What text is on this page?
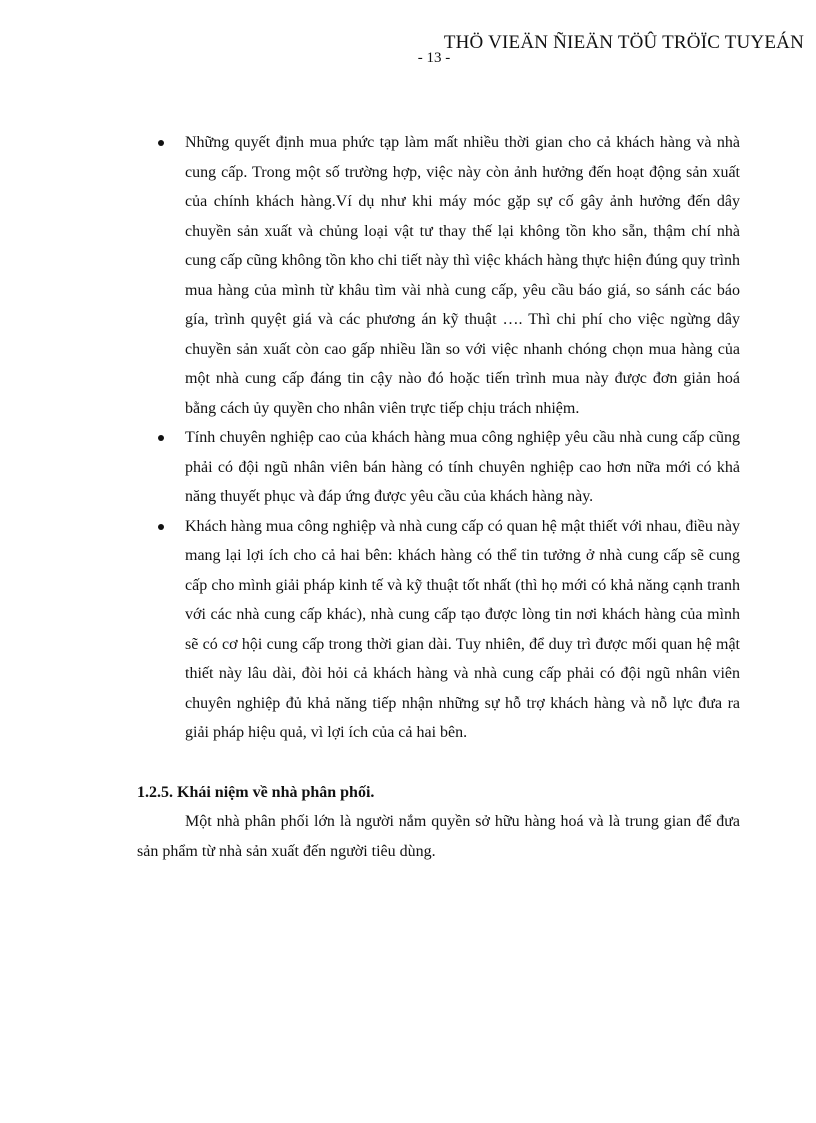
THÖ VIEÄN ÑIEÄN TÖÛ TRÖÏC TUYEÁN
- 13 -
Những quyết định mua phức tạp làm mất nhiều thời gian cho cả khách hàng và nhà cung cấp. Trong một số trường hợp, việc này còn ảnh hưởng đến hoạt động sản xuất của chính khách hàng.Ví dụ như khi máy móc gặp sự cố gây ảnh hưởng đến dây chuyền sản xuất và chủng loại vật tư thay thế lại không tồn kho sẵn, thậm chí nhà cung cấp cũng không tồn kho chi tiết này thì việc khách hàng thực hiện đúng quy trình mua hàng của mình từ khâu tìm vài nhà cung cấp, yêu cầu báo giá, so sánh các báo gía, trình quyệt giá và các phương án kỹ thuật …. Thì chi phí cho việc ngừng dây chuyền sản xuất còn cao gấp nhiều lần so với việc nhanh chóng chọn mua hàng của một nhà cung cấp đáng tin cậy nào đó hoặc tiến trình mua này được đơn giản hoá bằng cách ủy quyền cho nhân viên trực tiếp chịu trách nhiệm.
Tính chuyên nghiệp cao của khách hàng mua công nghiệp yêu cầu nhà cung cấp cũng phải có đội ngũ nhân viên bán hàng có tính chuyên nghiệp cao hơn nữa mới có khả năng thuyết phục và đáp ứng được yêu cầu của khách hàng này.
Khách hàng mua công nghiệp và nhà cung cấp có quan hệ mật thiết với nhau, điều này mang lại lợi ích cho cả hai bên: khách hàng có thể tin tưởng ở nhà cung cấp sẽ cung cấp cho mình giải pháp kinh tế và kỹ thuật tốt nhất (thì họ mới có khả năng cạnh tranh với các nhà cung cấp khác), nhà cung cấp tạo được lòng tin nơi khách hàng của mình sẽ có cơ hội cung cấp trong thời gian dài. Tuy nhiên, để duy trì được mối quan hệ mật thiết này lâu dài, đòi hỏi cả khách hàng và nhà cung cấp phải có đội ngũ nhân viên chuyên nghiệp đủ khả năng tiếp nhận những sự hỗ trợ khách hàng và nỗ lực đưa ra giải pháp hiệu quả, vì lợi ích của cả hai bên.
1.2.5. Khái niệm về nhà phân phối.

Một nhà phân phối lớn là người nắm quyền sở hữu hàng hoá và là trung gian để đưa sản phẩm từ nhà sản xuất đến người tiêu dùng.
